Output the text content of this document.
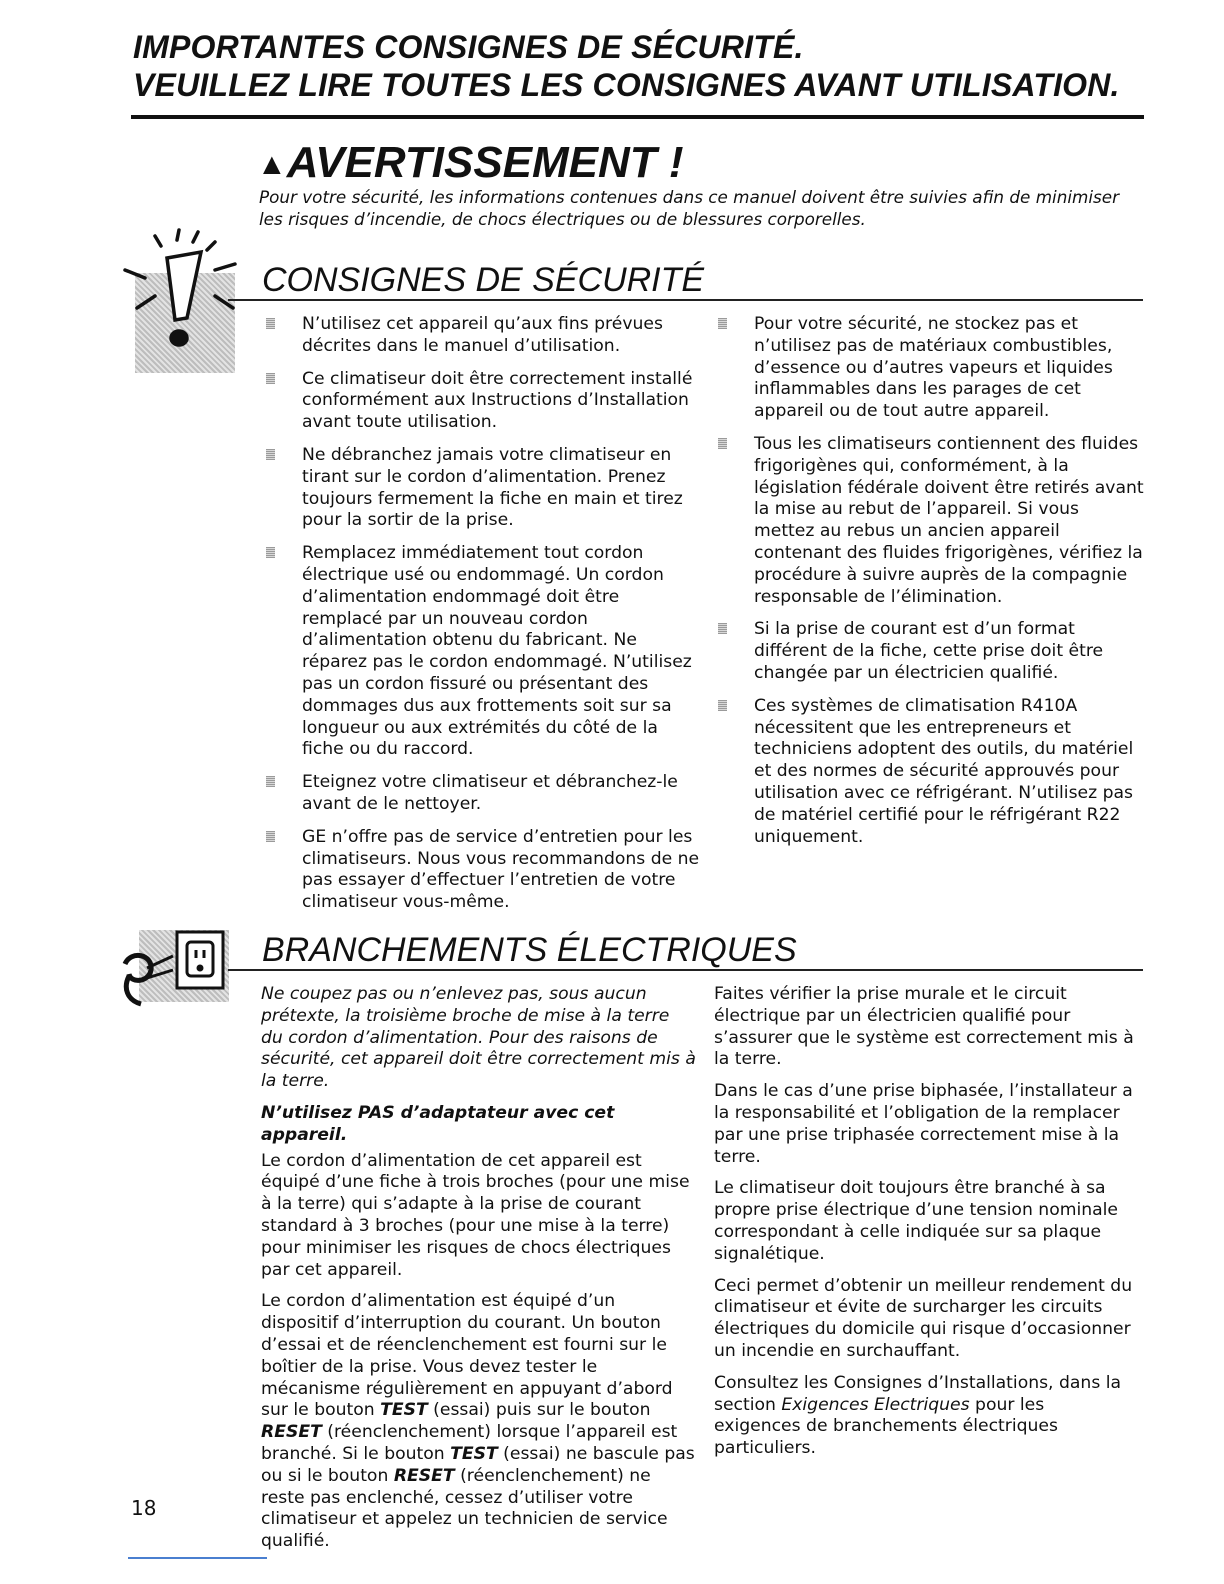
IMPORTANTES CONSIGNES DE SÉCURITÉ.
VEUILLEZ LIRE TOUTES LES CONSIGNES AVANT UTILISATION.
▲AVERTISSEMENT !
Pour votre sécurité, les informations contenues dans ce manuel doivent être suivies afin de minimiser les risques d’incendie, de chocs électriques ou de blessures corporelles.
CONSIGNES DE SÉCURITÉ
N’utilisez cet appareil qu’aux fins prévues décrites dans le manuel d’utilisation.
Ce climatiseur doit être correctement installé conformément aux Instructions d’Installation avant toute utilisation.
Ne débranchez jamais votre climatiseur en tirant sur le cordon d’alimentation. Prenez toujours fermement la fiche en main et tirez pour la sortir de la prise.
Remplacez immédiatement tout cordon électrique usé ou endommagé. Un cordon d’alimentation endommagé doit être remplacé par un nouveau cordon d’alimentation obtenu du fabricant. Ne réparez pas le cordon endommagé. N’utilisez pas un cordon fissuré ou présentant des dommages dus aux frottements soit sur sa longueur ou aux extrémités du côté de la fiche ou du raccord.
Eteignez votre climatiseur et débranchez-le avant de le nettoyer.
GE n’offre pas de service d’entretien pour les climatiseurs. Nous vous recommandons de ne pas essayer d’effectuer l’entretien de votre climatiseur vous-même.
Pour votre sécurité, ne stockez pas et n’utilisez pas de matériaux combustibles, d’essence ou d’autres vapeurs et liquides inflammables dans les parages de cet appareil ou de tout autre appareil.
Tous les climatiseurs contiennent des fluides frigorigènes qui, conformément, à la législation fédérale doivent être retirés avant la mise au rebut de l’appareil. Si vous mettez au rebus un ancien appareil contenant des fluides frigorigènes, vérifiez la procédure à suivre auprès de la compagnie responsable de l’élimination.
Si la prise de courant est d’un format différent de la fiche, cette prise doit être changée par un électricien qualifié.
Ces systèmes de climatisation R410A nécessitent que les entrepreneurs et techniciens adoptent des outils, du matériel et des normes de sécurité approuvés pour utilisation avec ce réfrigérant. N’utilisez pas de matériel certifié pour le réfrigérant R22 uniquement.
BRANCHEMENTS ÉLECTRIQUES

Ne coupez pas ou n’enlevez pas, sous aucun prétexte, la troisième broche de mise à la terre du cordon d’alimentation. Pour des raisons de sécurité, cet appareil doit être correctement mis à la terre.

N’utilisez PAS d’adaptateur avec cet appareil.

Le cordon d’alimentation de cet appareil est équipé d’une fiche à trois broches (pour une mise à la terre) qui s’adapte à la prise de courant standard à 3 broches (pour une mise à la terre) pour minimiser les risques de chocs électriques par cet appareil.

Le cordon d’alimentation est équipé d’un dispositif d’interruption du courant. Un bouton d’essai et de réenclenchement est fourni sur le boîtier de la prise. Vous devez tester le mécanisme régulièrement en appuyant d’abord sur le bouton TEST (essai) puis sur le bouton RESET (réenclenchement) lorsque l’appareil est branché. Si le bouton TEST (essai) ne bascule pas ou si le bouton RESET (réenclenchement) ne reste pas enclenché, cessez d’utiliser votre climatiseur et appelez un technicien de service qualifié.

Faites vérifier la prise murale et le circuit électrique par un électricien qualifié pour s’assurer que le système est correctement mis à la terre.

Dans le cas d’une prise biphasée, l’installateur a la responsabilité et l’obligation de la remplacer par une prise triphasée correctement mise à la terre.

Le climatiseur doit toujours être branché à sa propre prise électrique d’une tension nominale correspondant à celle indiquée sur sa plaque signalétique.

Ceci permet d’obtenir un meilleur rendement du climatiseur et évite de surcharger les circuits électriques du domicile qui risque d’occasionner un incendie en surchauffant.

Consultez les Consignes d’Installations, dans la section Exigences Electriques pour les exigences de branchements électriques particuliers.

18
